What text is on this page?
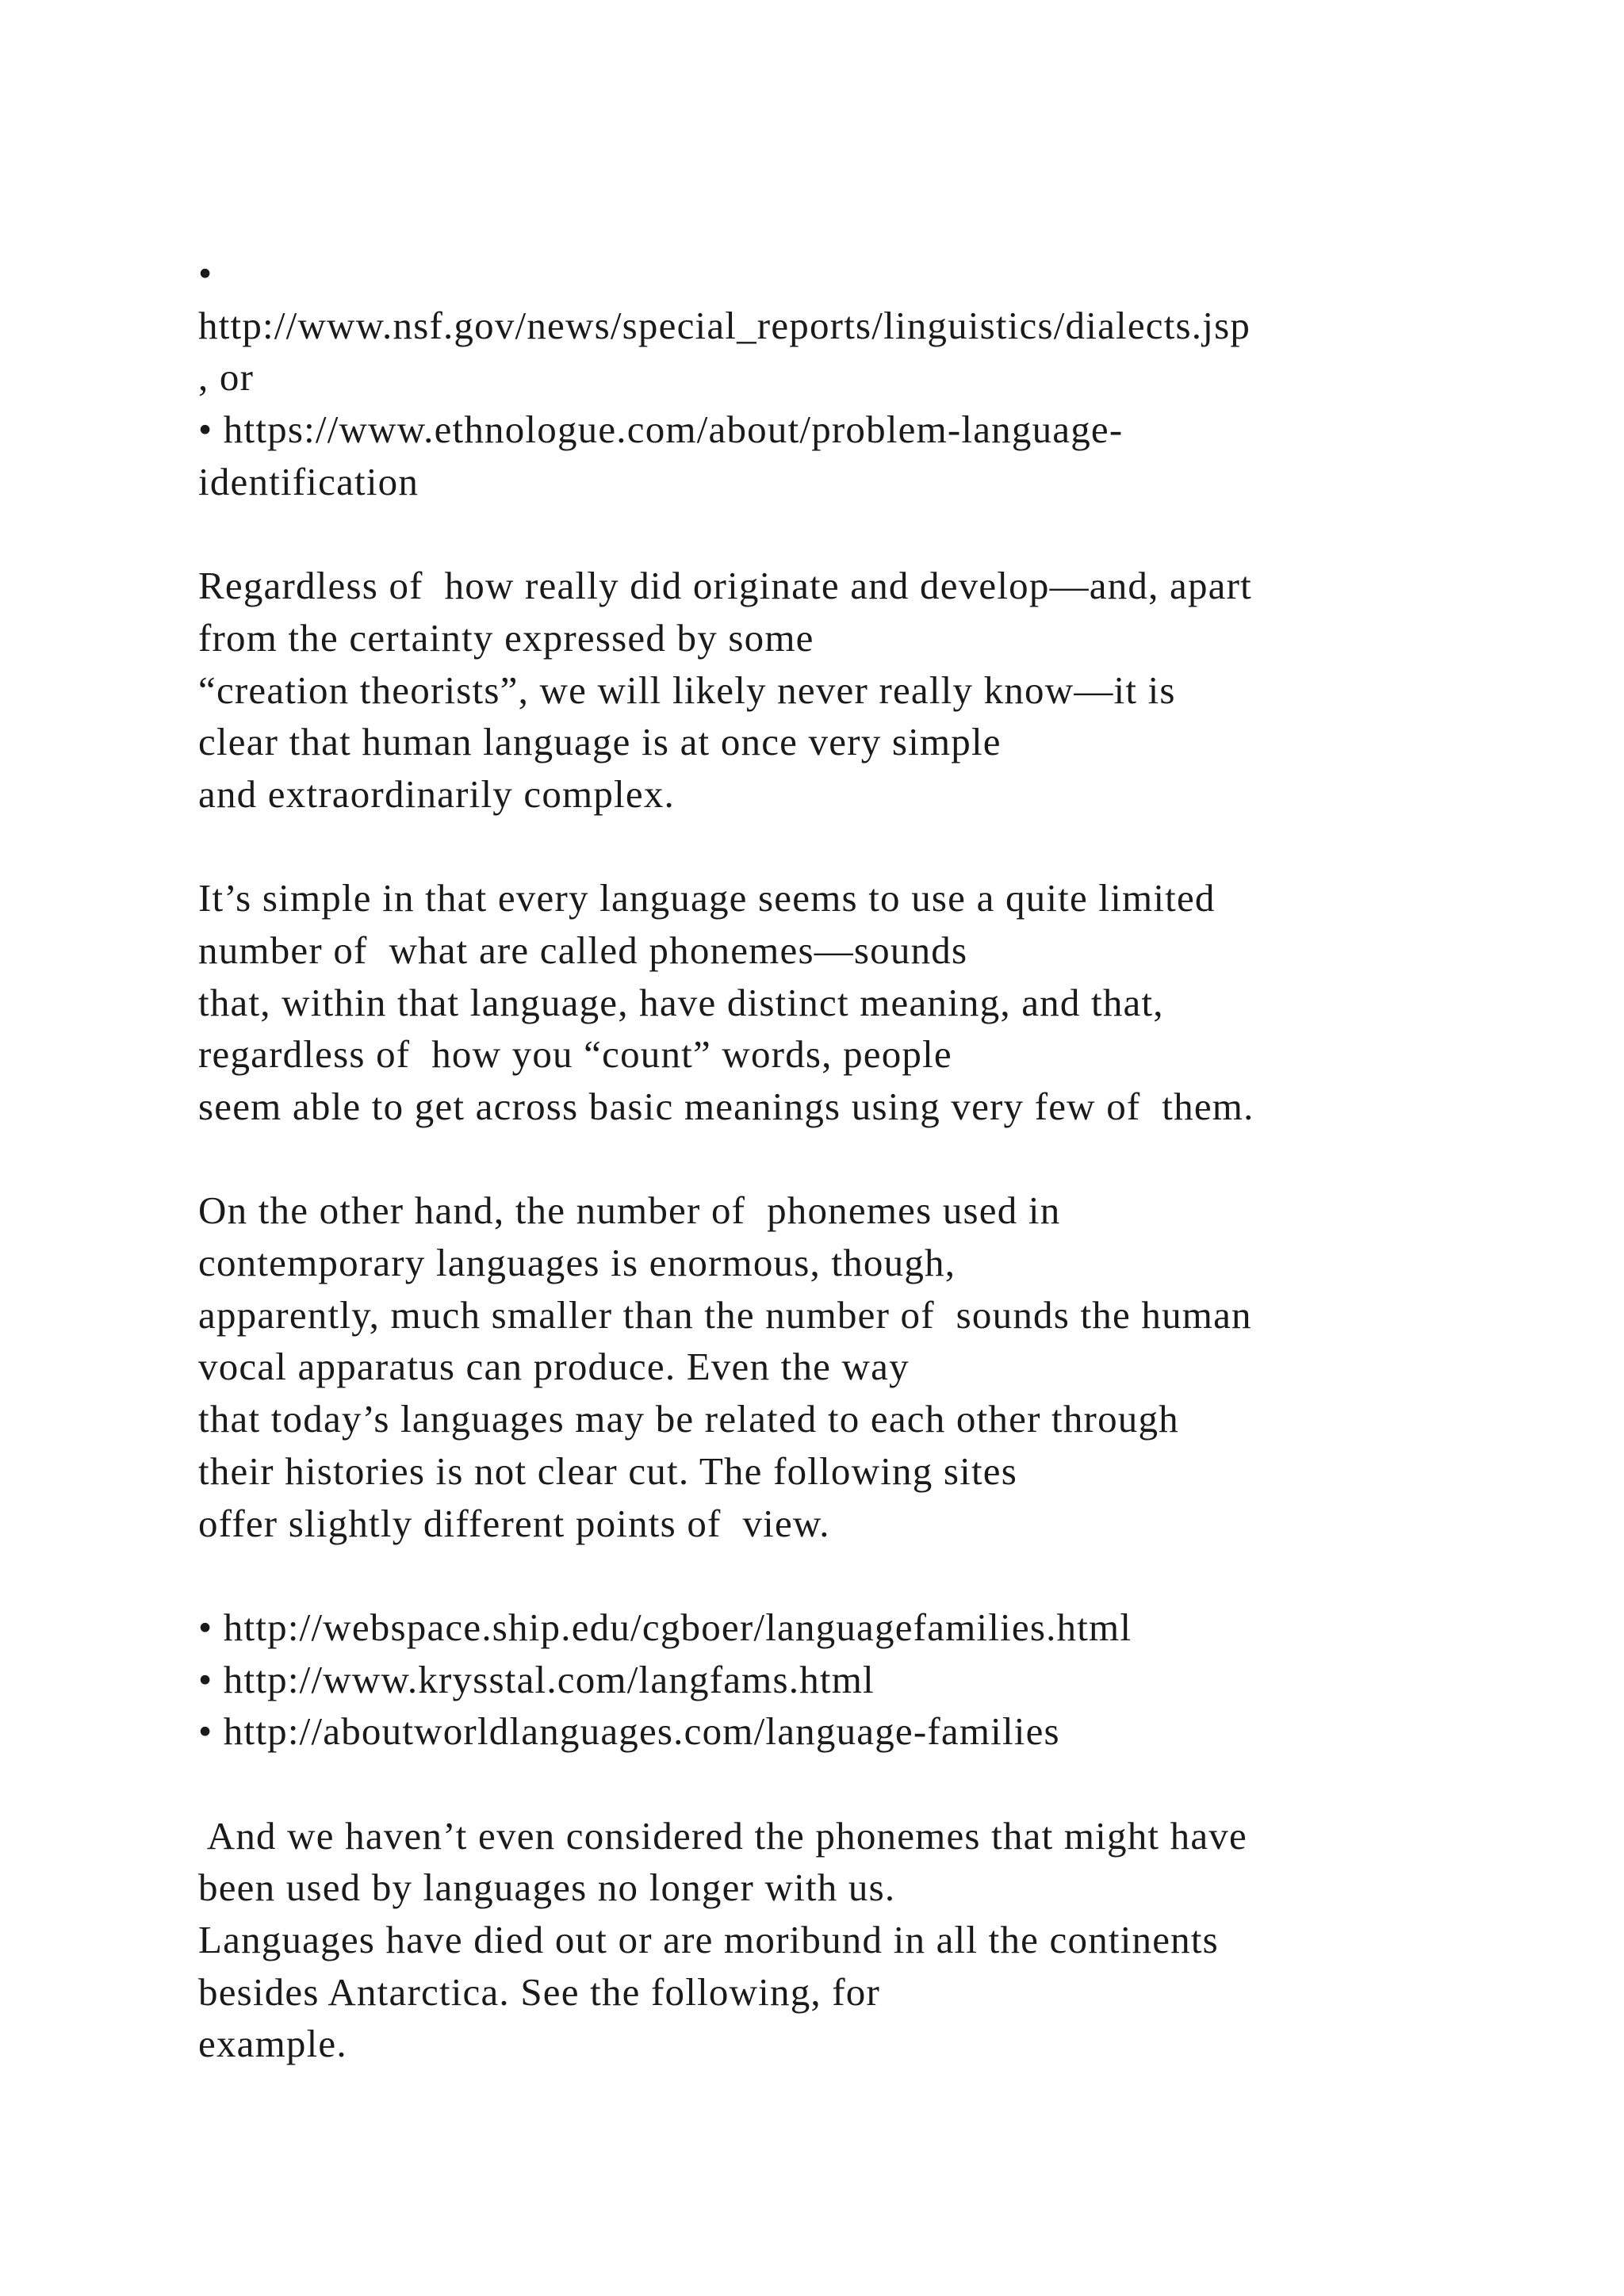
•
http://www.nsf.gov/news/special_reports/linguistics/dialects.jsp
, or
• https://www.ethnologue.com/about/problem-language-
identification
Regardless of  how really did originate and develop—and, apart
from the certainty expressed by some
“creation theorists”, we will likely never really know—it is
clear that human language is at once very simple
and extraordinarily complex.
It’s simple in that every language seems to use a quite limited
number of  what are called phonemes—sounds
that, within that language, have distinct meaning, and that,
regardless of  how you “count” words, people
seem able to get across basic meanings using very few of  them.
On the other hand, the number of  phonemes used in
contemporary languages is enormous, though,
apparently, much smaller than the number of  sounds the human
vocal apparatus can produce. Even the way
that today’s languages may be related to each other through
their histories is not clear cut. The following sites
offer slightly different points of  view.
• http://webspace.ship.edu/cgboer/languagefamilies.html
• http://www.krysstal.com/langfams.html
• http://aboutworldlanguages.com/language-families
And we haven’t even considered the phonemes that might have
been used by languages no longer with us.
Languages have died out or are moribund in all the continents
besides Antarctica. See the following, for
example.
